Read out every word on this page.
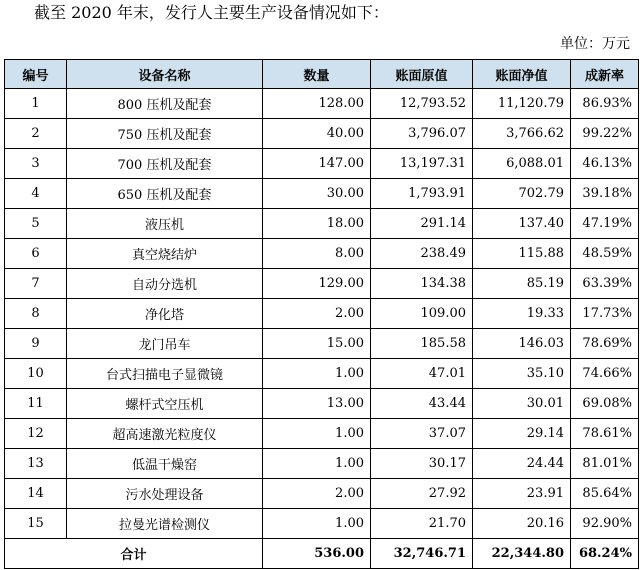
截至 2020 年末，发行人主要生产设备情况如下：
单位：万元
编号	设备名称	数量	账面原值	账面净值	成新率
1	800 压机及配套	128.00	12,793.52	11,120.79	86.93%
2	750 压机及配套	40.00	3,796.07	3,766.62	99.22%
3	700 压机及配套	147.00	13,197.31	6,088.01	46.13%
4	650 压机及配套	30.00	1,793.91	702.79	39.18%
5	液压机	18.00	291.14	137.40	47.19%
6	真空烧结炉	8.00	238.49	115.88	48.59%
7	自动分选机	129.00	134.38	85.19	63.39%
8	净化塔	2.00	109.00	19.33	17.73%
9	龙门吊车	15.00	185.58	146.03	78.69%
10	台式扫描电子显微镜	1.00	47.01	35.10	74.66%
11	螺杆式空压机	13.00	43.44	30.01	69.08%
12	超高速激光粒度仪	1.00	37.07	29.14	78.61%
13	低温干燥窑	1.00	30.17	24.44	81.01%
14	污水处理设备	2.00	27.92	23.91	85.64%
15	拉曼光谱检测仪	1.00	21.70	20.16	92.90%
合计		536.00	32,746.71	22,344.80	68.24%
